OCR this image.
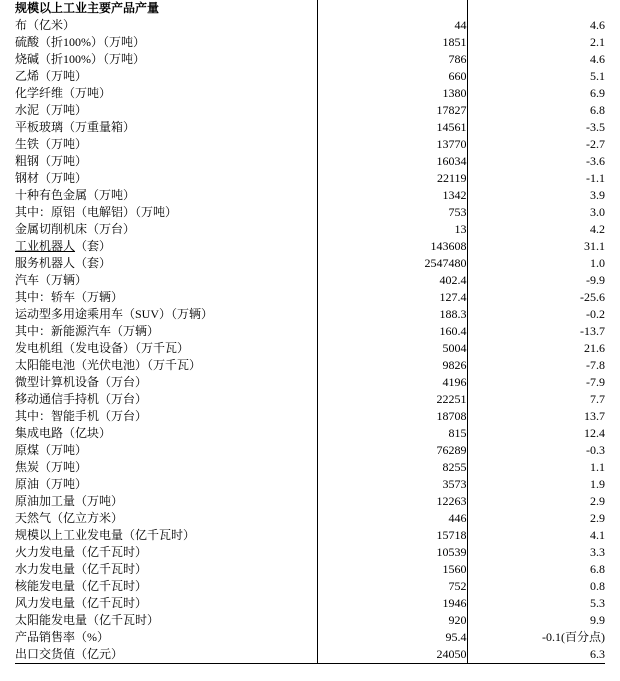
规模以上工业主要产品产量		
布（亿米）	44	4.6
硫酸（折100%）（万吨）	1851	2.1
烧碱（折100%）（万吨）	786	4.6
乙烯（万吨）	660	5.1
化学纤维（万吨）	1380	6.9
水泥（万吨）	17827	6.8
平板玻璃（万重量箱）	14561	-3.5
生铁（万吨）	13770	-2.7
粗钢（万吨）	16034	-3.6
钢材（万吨）	22119	-1.1
十种有色金属（万吨）	1342	3.9
其中：原铝（电解铝）（万吨）	753	3.0
金属切削机床（万台）	13	4.2
工业机器人（套）	143608	31.1
服务机器人（套）	2547480	1.0
汽车（万辆）	402.4	-9.9
其中：轿车（万辆）	127.4	-25.6
运动型多用途乘用车（SUV）（万辆）	188.3	-0.2
其中：新能源汽车（万辆）	160.4	-13.7
发电机组（发电设备）（万千瓦）	5004	21.6
太阳能电池（光伏电池）（万千瓦）	9826	-7.8
微型计算机设备（万台）	4196	-7.9
移动通信手持机（万台）	22251	7.7
其中：智能手机（万台）	18708	13.7
集成电路（亿块）	815	12.4
原煤（万吨）	76289	-0.3
焦炭（万吨）	8255	1.1
原油（万吨）	3573	1.9
原油加工量（万吨）	12263	2.9
天然气（亿立方米）	446	2.9
规模以上工业发电量（亿千瓦时）	15718	4.1
火力发电量（亿千瓦时）	10539	3.3
水力发电量（亿千瓦时）	1560	6.8
核能发电量（亿千瓦时）	752	0.8
风力发电量（亿千瓦时）	1946	5.3
太阳能发电量（亿千瓦时）	920	9.9
产品销售率（%）	95.4	-0.1(百分点)
出口交货值（亿元）	24050	6.3
